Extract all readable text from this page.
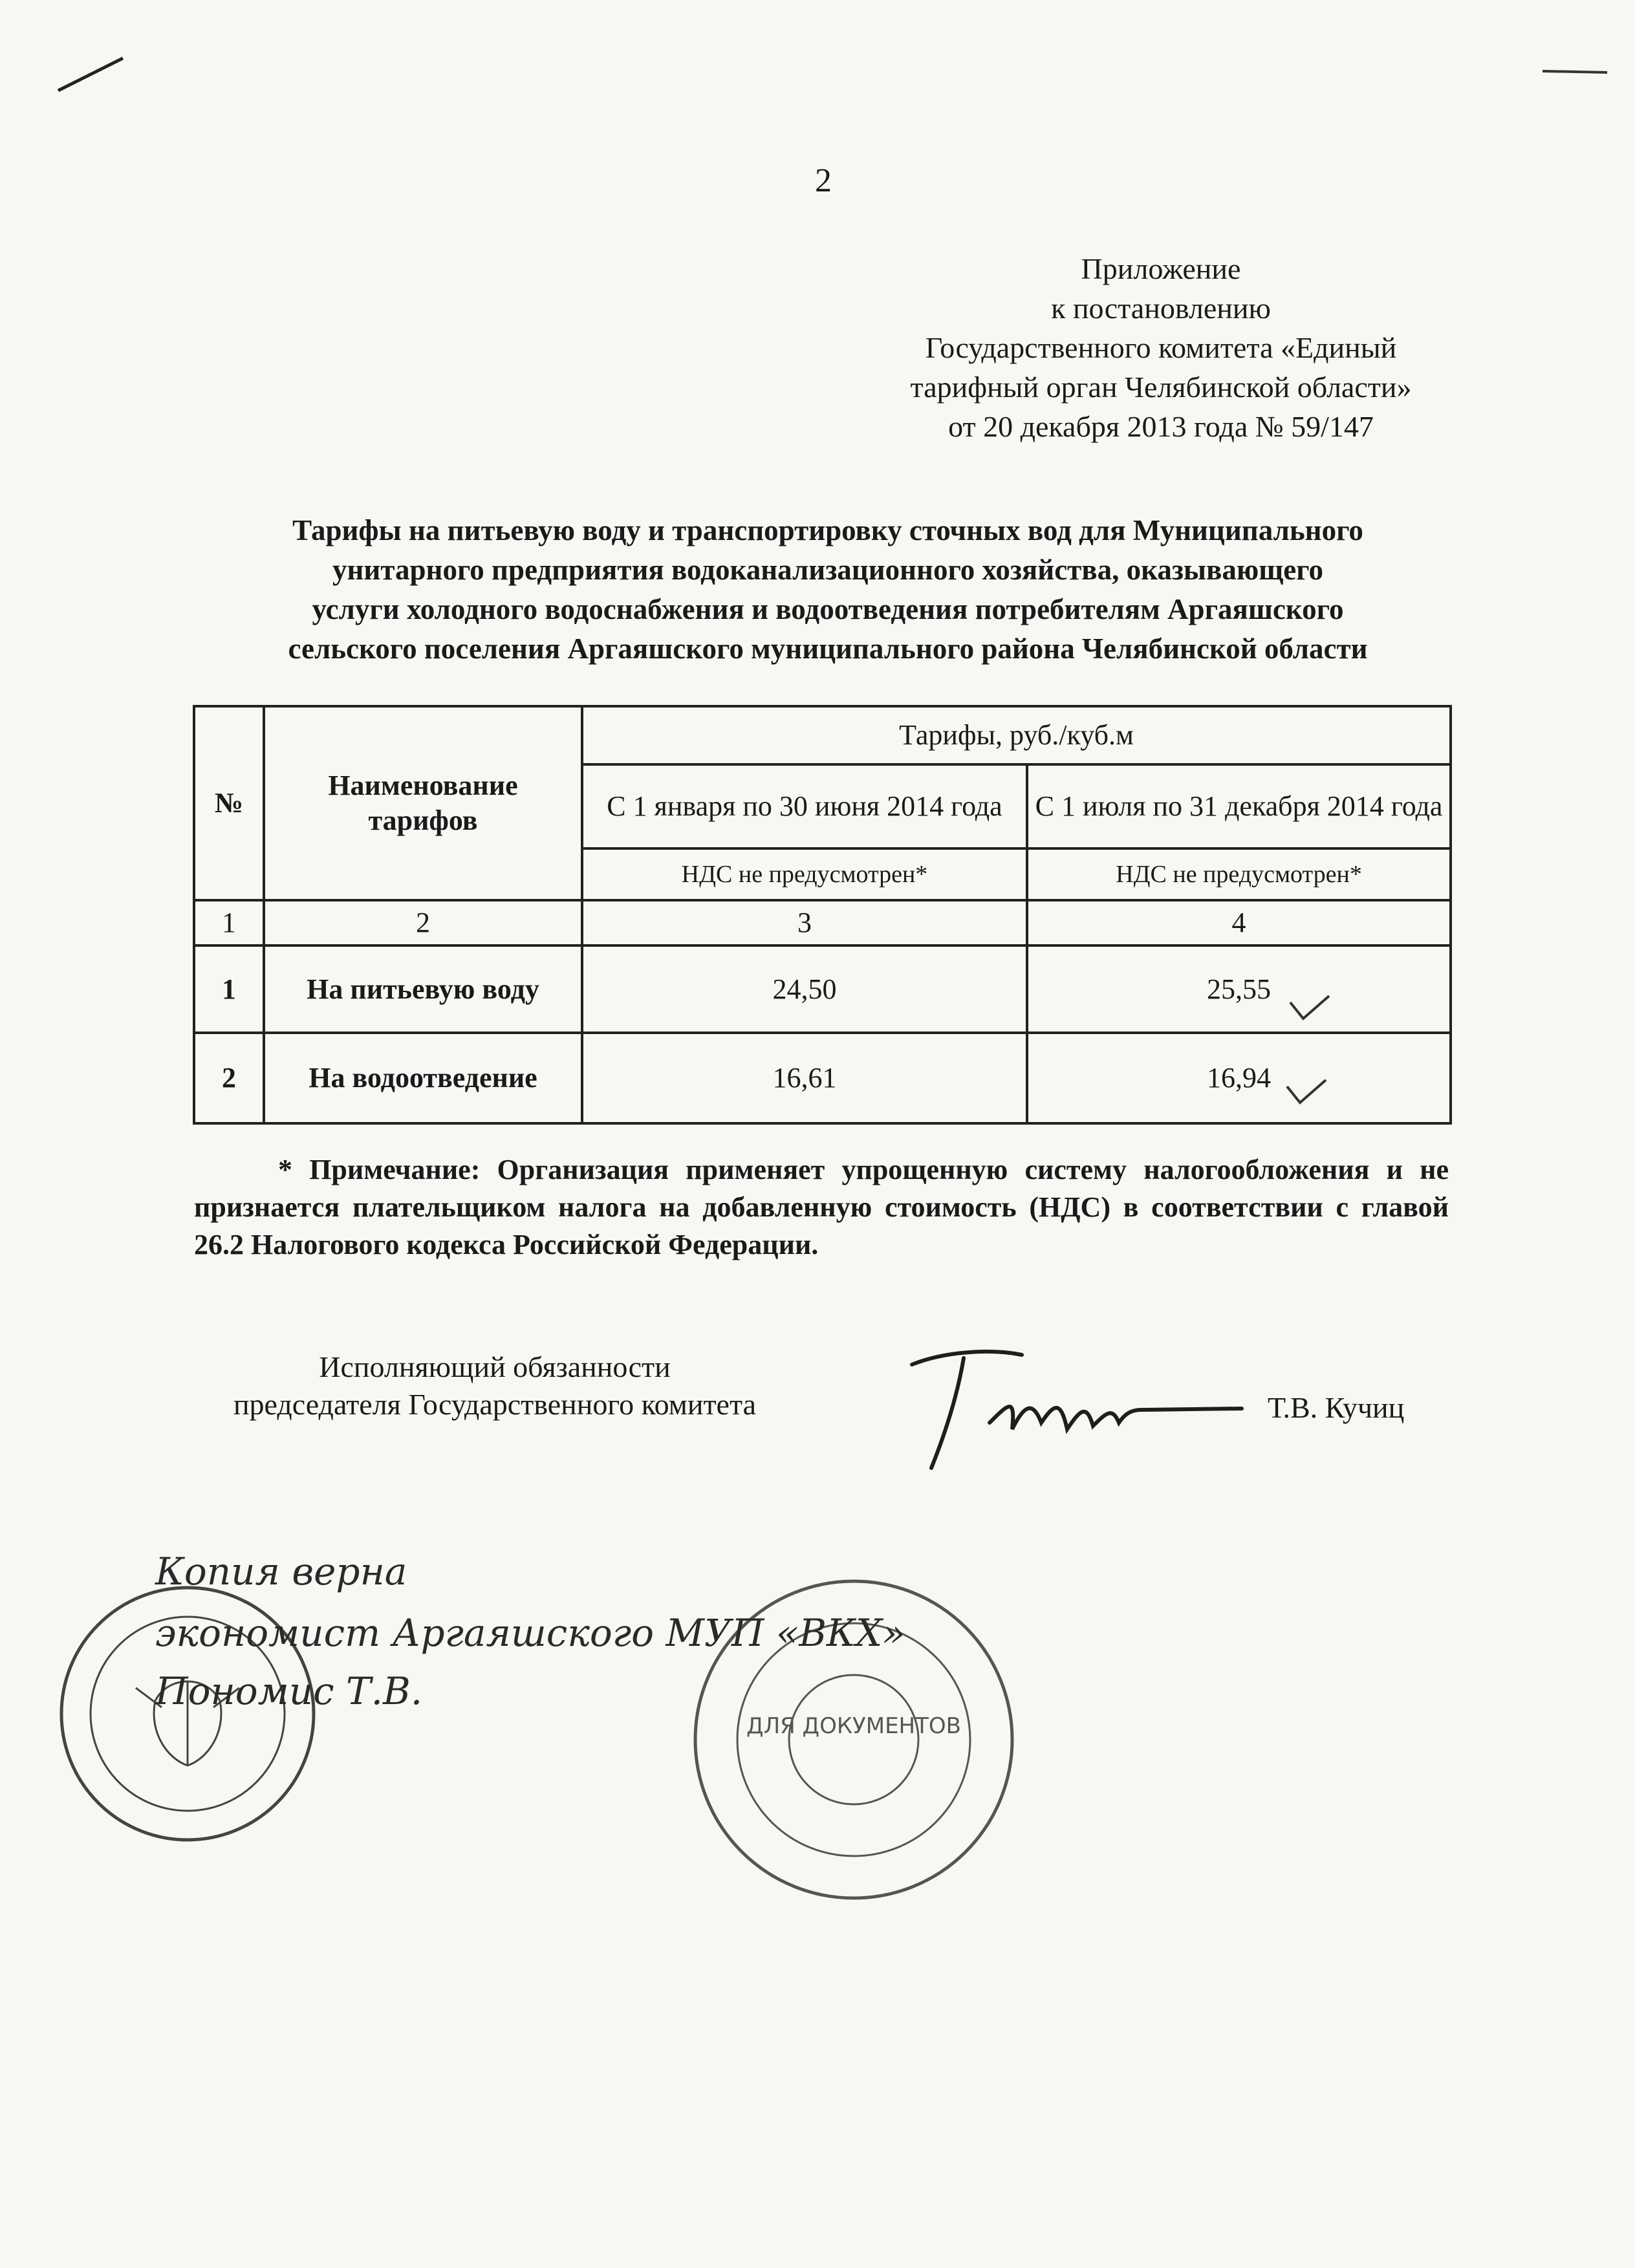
2
Приложение
к постановлению
Государственного комитета «Единый
тарифный орган Челябинской области»
от 20 декабря 2013 года № 59/147
Тарифы на питьевую воду и транспортировку сточных вод для Муниципального
унитарного предприятия водоканализационного хозяйства, оказывающего
услуги холодного водоснабжения и водоотведения потребителям Аргаяшского
сельского поселения Аргаяшского муниципального района Челябинской области
№	Наименование тарифов	Тарифы, руб./куб.м	
		С 1 января по 30 июня 2014 года	С 1 июля по 31 декабря 2014 года
		НДС не предусмотрен*	НДС не предусмотрен*
1	2	3	4
1	На питьевую воду	24,50	25,55
2	На водоотведение	16,61	16,94

* Примечание: Организация применяет упрощенную систему налогообложения и не признается плательщиком налога на добавленную стоимость (НДС) в соответствии с главой 26.2 Налогового кодекса Российской Федерации.

Исполняющий обязанности
председателя Государственного комитета	Т.В. Кучиц
ДЛЯ ДОКУМЕНТОВ
Копия верна
экономист Аргаяшского МУП «ВКХ»
Пономис Т.В.
